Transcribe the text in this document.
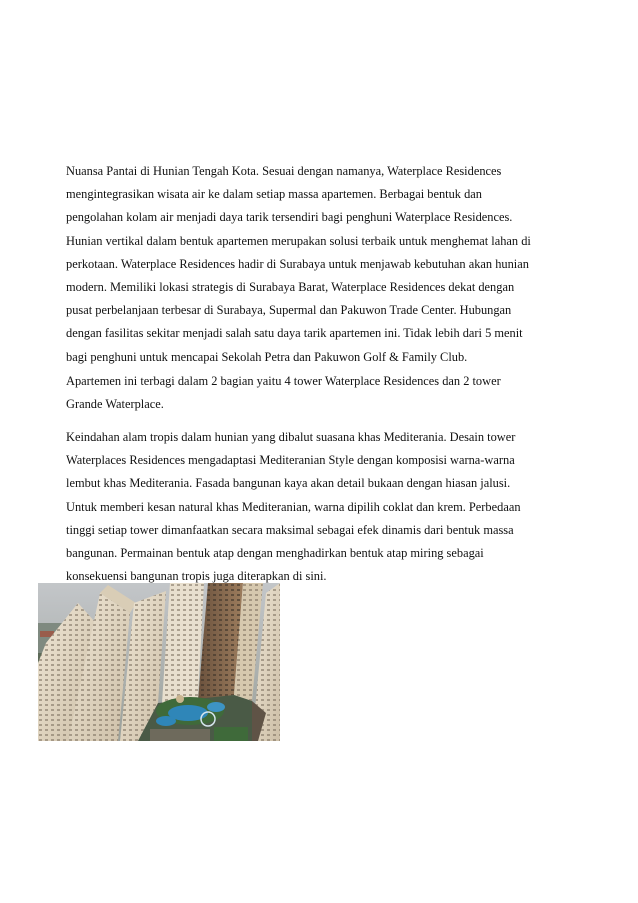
Nuansa Pantai di Hunian Tengah Kota. Sesuai dengan namanya, Waterplace Residences
mengintegrasikan wisata air ke dalam setiap massa apartemen. Berbagai bentuk dan
pengolahan kolam air menjadi daya tarik tersendiri bagi penghuni Waterplace Residences.
Hunian vertikal dalam bentuk apartemen merupakan solusi terbaik untuk menghemat lahan di
perkotaan. Waterplace Residences hadir di Surabaya untuk menjawab kebutuhan akan hunian
modern. Memiliki lokasi strategis di Surabaya Barat, Waterplace Residences dekat dengan
pusat perbelanjaan terbesar di Surabaya, Supermal dan Pakuwon Trade Center. Hubungan
dengan fasilitas sekitar menjadi salah satu daya tarik apartemen ini. Tidak lebih dari 5 menit
bagi penghuni untuk mencapai Sekolah Petra dan Pakuwon Golf & Family Club.

Apartemen ini terbagi dalam 2 bagian yaitu 4 tower Waterplace Residences dan 2 tower
Grande Waterplace.

Keindahan alam tropis dalam hunian yang dibalut suasana khas Mediterania. Desain tower
Waterplaces Residences mengadaptasi Mediteranian Style dengan komposisi warna-warna
lembut khas Mediterania. Fasada bangunan kaya akan detail bukaan dengan hiasan jalusi.
Untuk memberi kesan natural khas Mediteranian, warna dipilih coklat dan krem. Perbedaan
tinggi setiap tower dimanfaatkan secara maksimal sebagai efek dinamis dari bentuk massa
bangunan. Permainan bentuk atap dengan menghadirkan bentuk atap miring sebagai
konsekuensi bangunan tropis juga diterapkan di sini.
